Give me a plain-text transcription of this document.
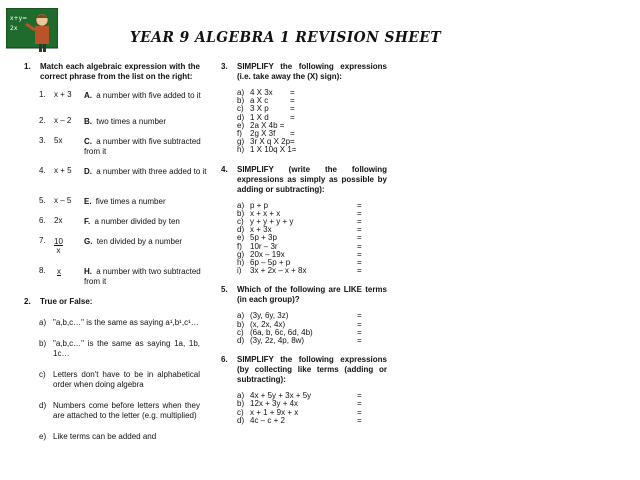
x+y=
2x	YEAR 9 ALGEBRA 1 REVISION SHEET
1.	Match each algebraic expression with the correct phrase from the list on the right:
1. x + 3 A. a number with five added to it
2. x – 2 B. two times a number
3. 5x	C. a number with five subtracted from it
4. x + 5 D. a number with three added to it
5. x – 5 E. five times a number
6. 2x	F. a number divided by ten
7. $\frac{10}{x}$	G. ten divided by a number
8. x	H. a number with two subtracted from it
2.	True or False:
a) "a,b,c…" is the same as saying a¹,b¹,c¹…
b) "a,b,c…" is the same as saying 1a, 1b, 1c…
c) Letters don't have to be in alphabetical order when doing algebra
d) Numbers come before letters when they are attached to the letter (e.g. multiplied)
e) Like terms can be added and
3.	SIMPLIFY the following expressions (i.e. take away the (X) sign):
a) 4 X 3x	=
b) a X c	=
c) 3 X p	=
d) 1 X d	=
e) 2a X 4b =
f)	2g X 3f	=
g) 3r X q X 2p=
h) 1 X 10q X 1=
4.	SIMPLIFY (write the following expressions as simply as possible by adding or subtracting):
a) p + p	=
b) x + x + x	=
c) y + y + y + y	=
d) x + 3x	=
e) 5p + 3p	=
f)	10r – 3r	=
g) 20x – 19x	=
h) 6p – 5p + p	=
i)	3x + 2x – x + 8x	=
5.	Which of the following are LIKE terms (in each group)?
a) (3y, 6y, 3z)	=
b) (x, 2x, 4x)	=
c) (6a, b, 6c, 6d, 4b)	=
d) (3y, 2z, 4p, 8w)	=
6.	SIMPLIFY the following expressions (by collecting like terms (adding or subtracting):
a) 4x + 5y + 3x + 5y	=
b) 12x + 3y + 4x	=
c) x + 1 + 9x + x	=
d) 4c – c + 2	=
